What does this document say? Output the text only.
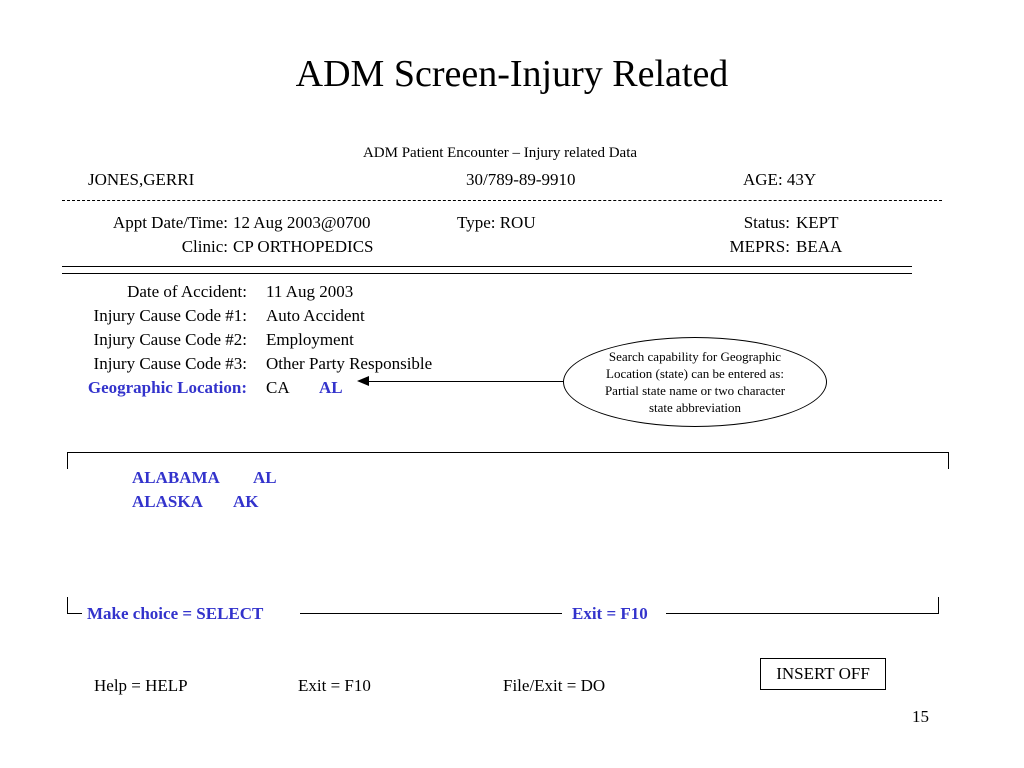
ADM Screen-Injury Related
ADM Patient Encounter – Injury related Data
JONES,GERRI	30/789-89-9910	AGE: 43Y
Appt Date/Time: 12 Aug 2003@0700	Type: ROU	Status: KEPT
Clinic: CP ORTHOPEDICS	MEPRS: BEAA
Date of Accident: 11 Aug 2003
Injury Cause Code #1: Auto Accident
Injury Cause Code #2: Employment
Injury Cause Code #3: Other Party Responsible
Geographic Location: CA AL
Search capability for Geographic Location (state) can be entered as: Partial state name or two character state abbreviation
ALABAMA AL
ALASKA AK
Make choice = SELECT	Exit = F10
Help = HELP	Exit = F10	File/Exit = DO
INSERT OFF
15
